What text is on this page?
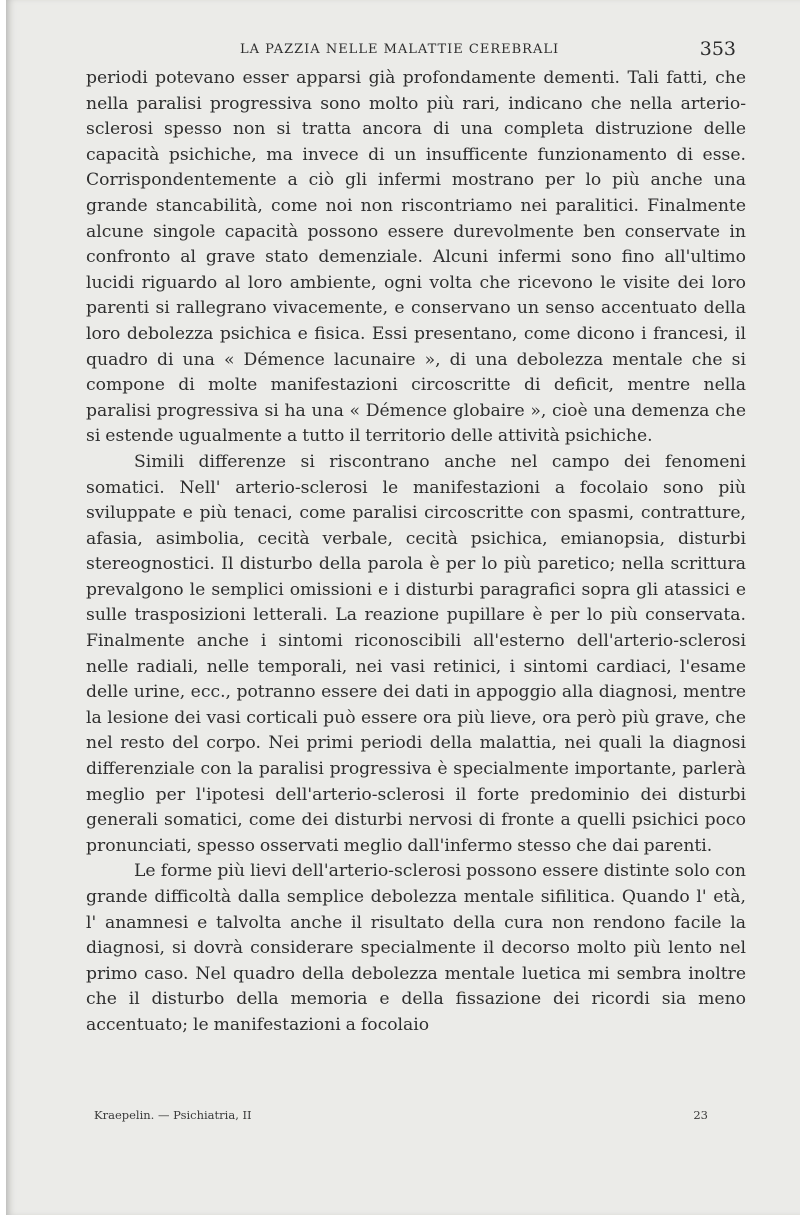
LA PAZZIA NELLE MALATTIE CEREBRALI	353

periodi potevano esser apparsi già profondamente dementi. Tali fatti, che nella paralisi progressiva sono molto più rari, indicano che nella arterio-sclerosi spesso non si tratta ancora di una completa distruzione delle capacità psichiche, ma invece di un insufficente funzionamento di esse. Corrispondentemente a ciò gli infermi mostrano per lo più anche una grande stancabilità, come noi non riscontriamo nei paralitici. Finalmente alcune singole capacità possono essere durevolmente ben conservate in confronto al grave stato demenziale. Alcuni infermi sono fino all'ultimo lucidi riguardo al loro ambiente, ogni volta che ricevono le visite dei loro parenti si rallegrano vivacemente, e conservano un senso accentuato della loro debolezza psichica e fisica. Essi presentano, come dicono i francesi, il quadro di una « Démence lacunaire », di una debolezza mentale che si compone di molte manifestazioni circoscritte di deficit, mentre nella paralisi progressiva si ha una « Démence globaire », cioè una demenza che si estende ugualmente a tutto il territorio delle attività psichiche.

Simili differenze si riscontrano anche nel campo dei fenomeni somatici. Nell' arterio-sclerosi le manifestazioni a focolaio sono più sviluppate e più tenaci, come paralisi circoscritte con spasmi, contratture, afasia, asimbolia, cecità verbale, cecità psichica, emianopsia, disturbi stereognostici. Il disturbo della parola è per lo più paretico; nella scrittura prevalgono le semplici omissioni e i disturbi paragrafici sopra gli atassici e sulle trasposizioni letterali. La reazione pupillare è per lo più conservata. Finalmente anche i sintomi riconoscibili all'esterno dell'arterio-sclerosi nelle radiali, nelle temporali, nei vasi retinici, i sintomi cardiaci, l'esame delle urine, ecc., potranno essere dei dati in appoggio alla diagnosi, mentre la lesione dei vasi corticali può essere ora più lieve, ora però più grave, che nel resto del corpo. Nei primi periodi della malattia, nei quali la diagnosi differenziale con la paralisi progressiva è specialmente importante, parlerà meglio per l'ipotesi dell'arterio-sclerosi il forte predominio dei disturbi generali somatici, come dei disturbi nervosi di fronte a quelli psichici poco pronunciati, spesso osservati meglio dall'infermo stesso che dai parenti.

Le forme più lievi dell'arterio-sclerosi possono essere distinte solo con grande difficoltà dalla semplice debolezza mentale sifilitica. Quando l' età, l' anamnesi e talvolta anche il risultato della cura non rendono facile la diagnosi, si dovrà considerare specialmente il decorso molto più lento nel primo caso. Nel quadro della debolezza mentale luetica mi sembra inoltre che il disturbo della memoria e della fissazione dei ricordi sia meno accentuato; le manifestazioni a focolaio

Kraepelin. — Psichiatria, II	23
